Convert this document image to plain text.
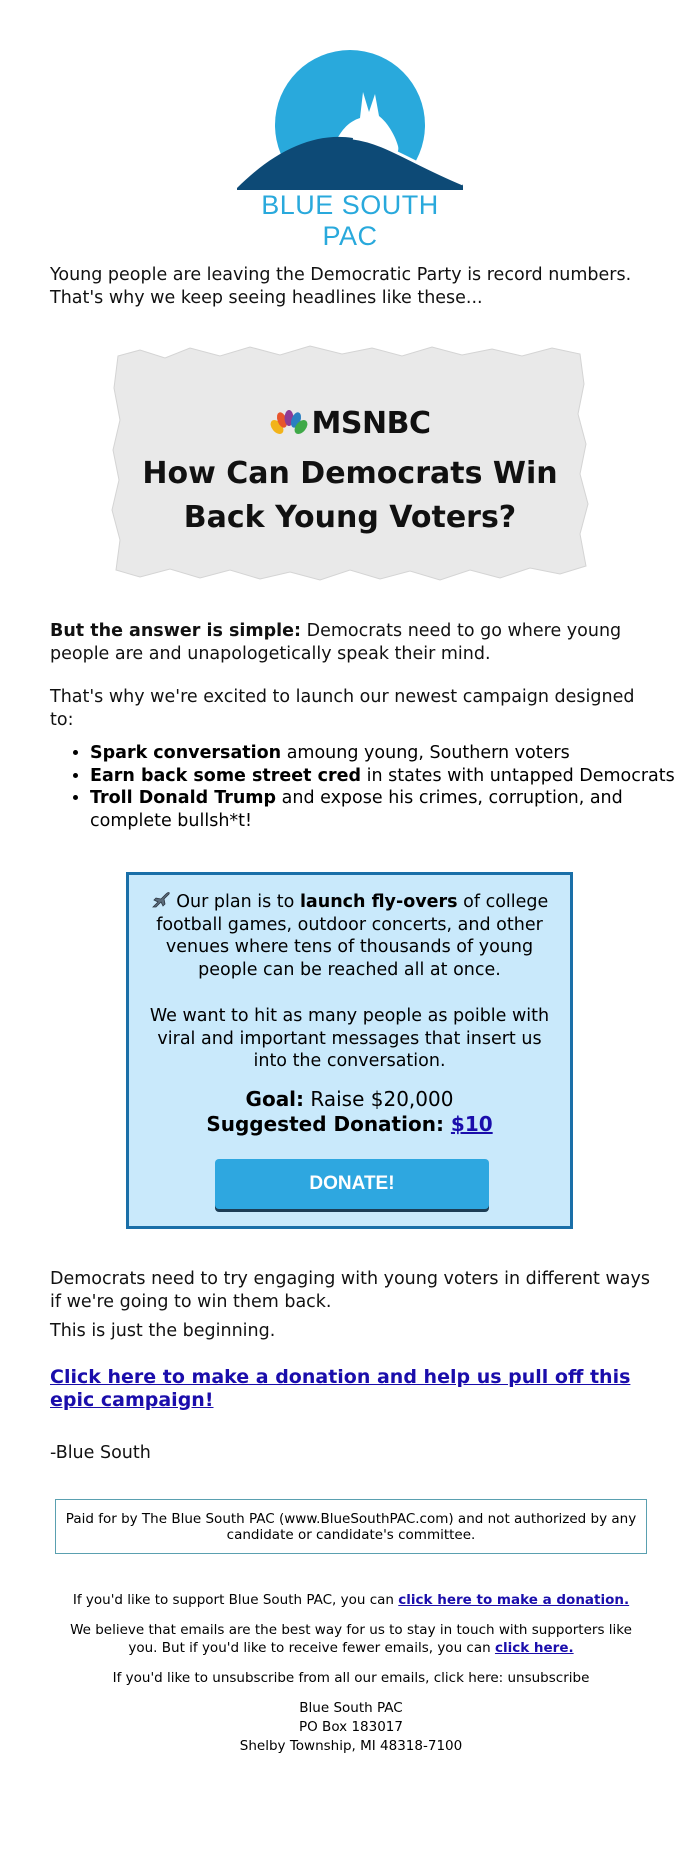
BLUE SOUTH PAC

Young people are leaving the Democratic Party is record numbers. That's why we keep seeing headlines like these...

MSNBC
How Can Democrats Win Back Young Voters?

But the answer is simple: Democrats need to go where young people are and unapologetically speak their mind.

That's why we're excited to launch our newest campaign designed to:

• Spark conversation amoung young, Southern voters
• Earn back some street cred in states with untapped Democrats
• Troll Donald Trump and expose his crimes, corruption, and complete bullsh*t!

Our plan is to launch fly-overs of college football games, outdoor concerts, and other venues where tens of thousands of young people can be reached all at once.

We want to hit as many people as poible with viral and important messages that insert us into the conversation.

Goal: Raise $20,000

Suggested Donation: $10

DONATE!

Democrats need to try engaging with young voters in different ways if we're going to win them back.

This is just the beginning.

Click here to make a donation and help us pull off this epic campaign!

-Blue South

Paid for by The Blue South PAC (www.BlueSouthPAC.com) and not authorized by any candidate or candidate's committee.

If you'd like to support Blue South PAC, you can click here to make a donation.

We believe that emails are the best way for us to stay in touch with supporters like you. But if you'd like to receive fewer emails, you can click here.

If you'd like to unsubscribe from all our emails, click here: unsubscribe

Blue South PAC

PO Box 183017

Shelby Township, MI 48318-7100
